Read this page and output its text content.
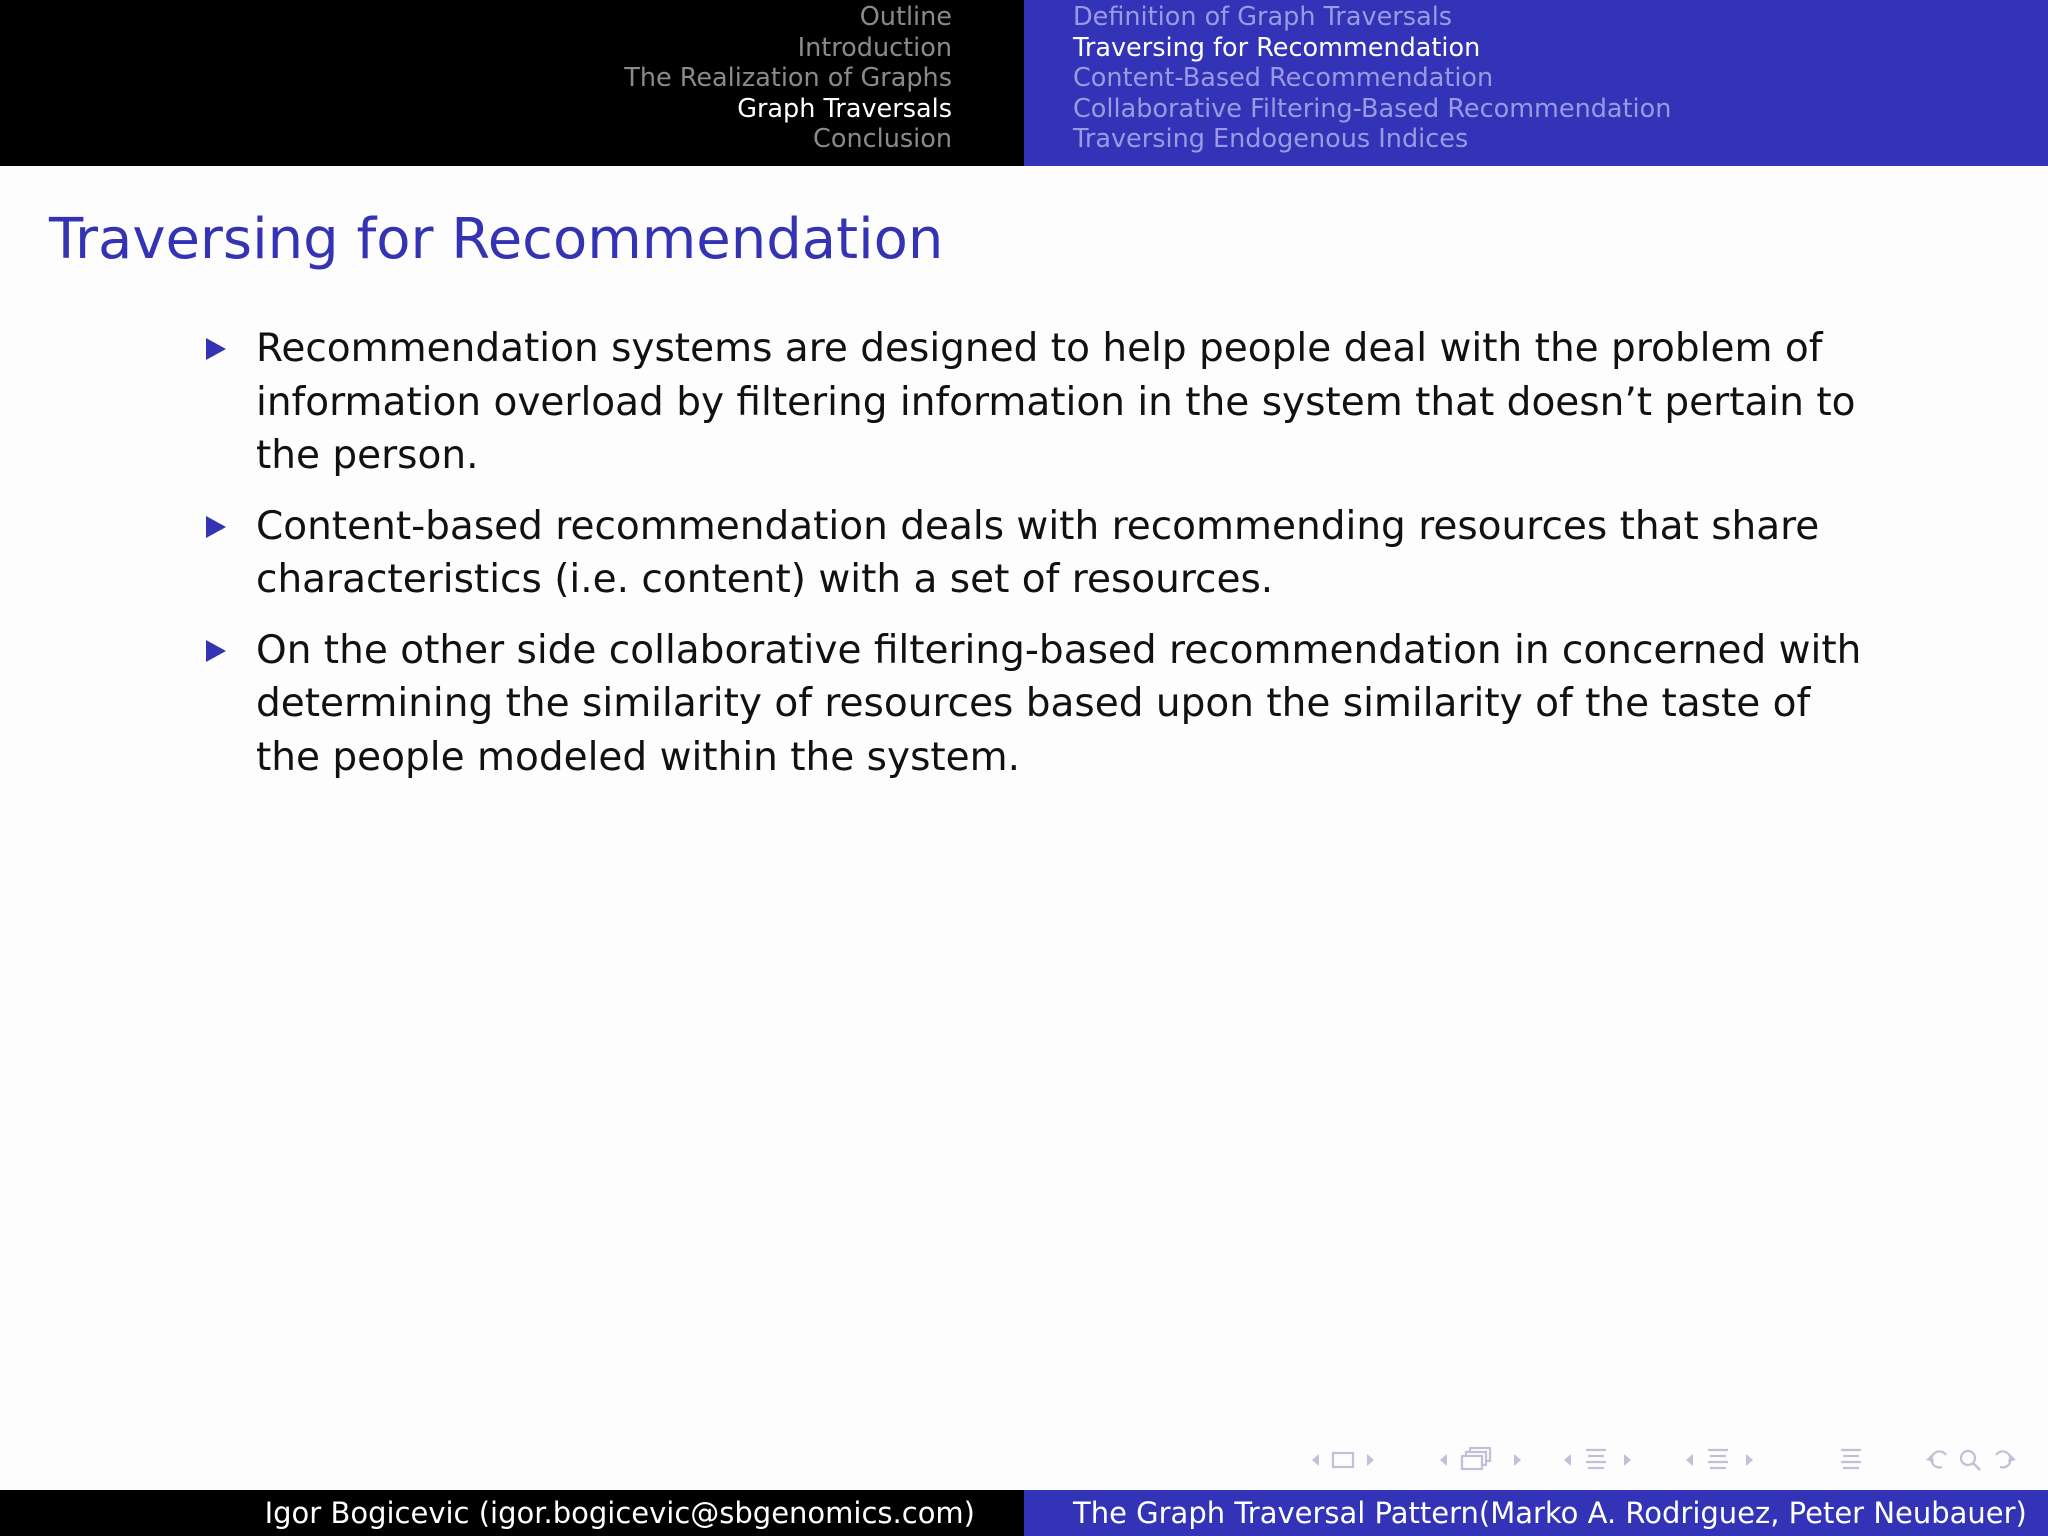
Outline
Introduction
The Realization of Graphs
Graph Traversals
Conclusion
Definition of Graph Traversals
Traversing for Recommendation
Content-Based Recommendation
Collaborative Filtering-Based Recommendation
Traversing Endogenous Indices
Traversing for Recommendation
Recommendation systems are designed to help people deal with the problem of
information overload by filtering information in the system that doesn’t pertain to
the person.
Content-based recommendation deals with recommending resources that share
characteristics (i.e. content) with a set of resources.
On the other side collaborative filtering-based recommendation in concerned with
determining the similarity of resources based upon the similarity of the taste of
the people modeled within the system.
Igor Bogicevic (igor.bogicevic@sbgenomics.com)	The Graph Traversal Pattern(Marko A. Rodriguez, Peter Neubauer)
